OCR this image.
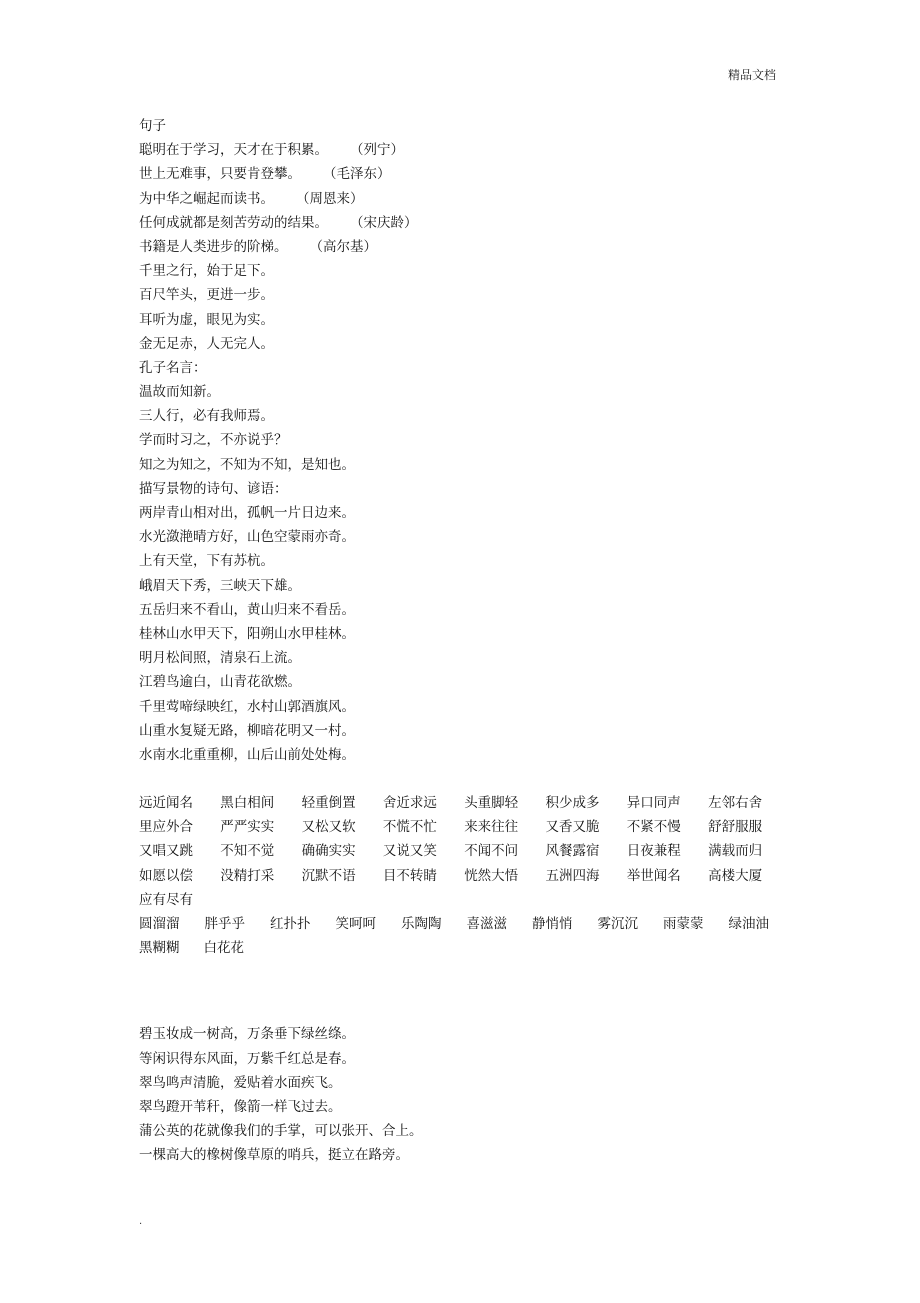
精品文档
句子
聪明在于学习，天才在于积累。 （列宁）
世上无难事，只要肯登攀。 （毛泽东）
为中华之崛起而读书。 （周恩来）
任何成就都是刻苦劳动的结果。 （宋庆龄）
书籍是人类进步的阶梯。 （高尔基）
千里之行，始于足下。
百尺竿头，更进一步。
耳听为虚，眼见为实。
金无足赤，人无完人。
孔子名言：
温故而知新。
三人行，必有我师焉。
学而时习之，不亦说乎？
知之为知之，不知为不知，是知也。
描写景物的诗句、谚语：
两岸青山相对出，孤帆一片日边来。
水光潋滟晴方好，山色空蒙雨亦奇。
上有天堂，下有苏杭。
峨眉天下秀，三峡天下雄。
五岳归来不看山，黄山归来不看岳。
桂林山水甲天下，阳朔山水甲桂林。
明月松间照，清泉石上流。
江碧鸟逾白，山青花欲燃。
千里莺啼绿映红，水村山郭酒旗风。
山重水复疑无路，柳暗花明又一村。
水南水北重重柳，山后山前处处梅。
远近闻名	黑白相间	轻重倒置	舍近求远	头重脚轻	积少成多	异口同声	左邻右舍
里应外合	严严实实	又松又软	不慌不忙	来来往往	又香又脆	不紧不慢	舒舒服服
又唱又跳	不知不觉	确确实实	又说又笑	不闻不问	风餐露宿	日夜兼程	满载而归
如愿以偿	没精打采	沉默不语	目不转睛	恍然大悟	五洲四海	举世闻名	高楼大厦
应有尽有
圆溜溜 胖乎乎 红扑扑 笑呵呵 乐陶陶 喜滋滋 静悄悄 雾沉沉 雨蒙蒙 绿油油
黑糊糊 白花花
碧玉妆成一树高，万条垂下绿丝绦。
等闲识得东风面，万紫千红总是春。
翠鸟鸣声清脆，爱贴着水面疾飞。
翠鸟蹬开苇秆，像箭一样飞过去。
蒲公英的花就像我们的手掌，可以张开、合上。
一棵高大的橡树像草原的哨兵，挺立在路旁。
.
